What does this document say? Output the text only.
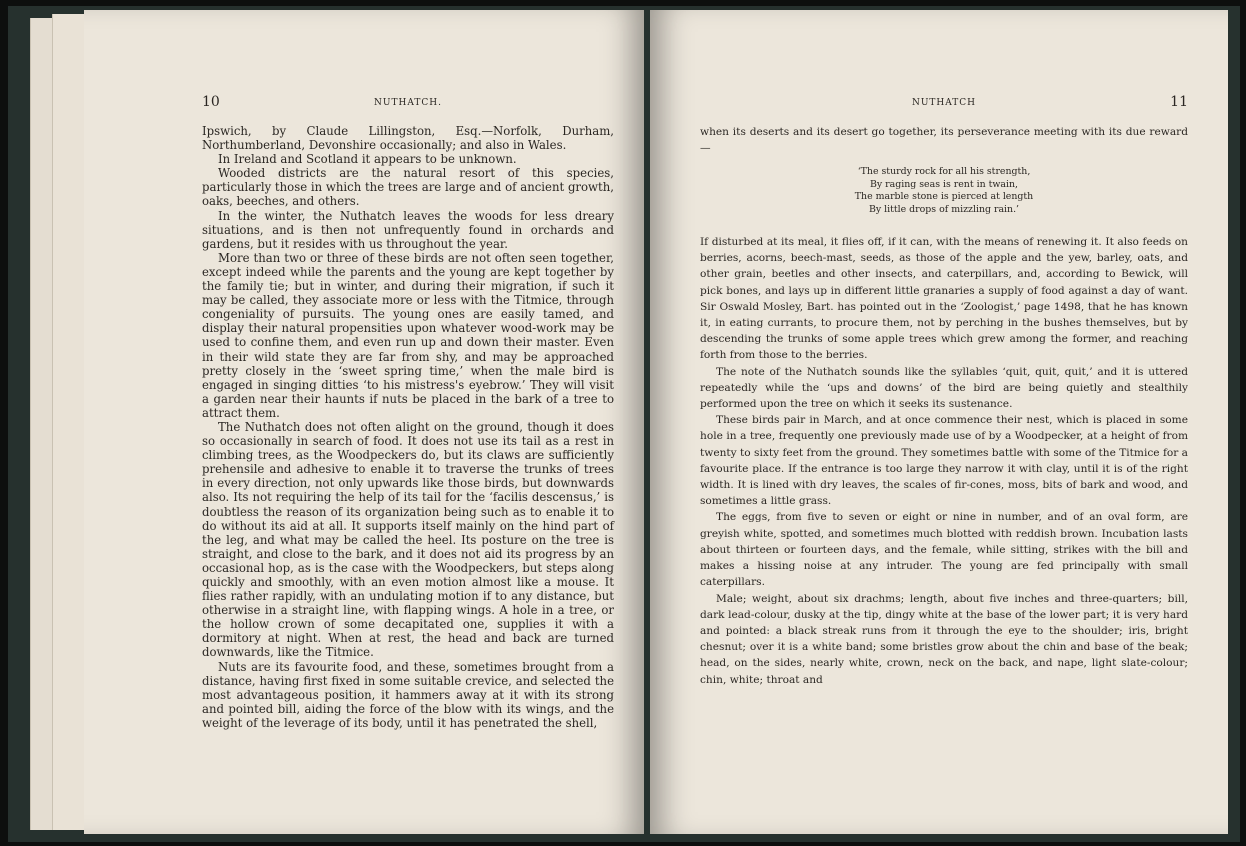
10	NUTHATCH.

Ipswich, by Claude Lillingston, Esq.—Norfolk, Durham, Northumberland, Devonshire occasionally; and also in Wales.

In Ireland and Scotland it appears to be unknown.

Wooded districts are the natural resort of this species, particularly those in which the trees are large and of ancient growth, oaks, beeches, and others.

In the winter, the Nuthatch leaves the woods for less dreary situations, and is then not unfrequently found in orchards and gardens, but it resides with us throughout the year.

More than two or three of these birds are not often seen together, except indeed while the parents and the young are kept together by the family tie; but in winter, and during their migration, if such it may be called, they associate more or less with the Titmice, through congeniality of pursuits. The young ones are easily tamed, and display their natural propensities upon whatever wood-work may be used to confine them, and even run up and down their master. Even in their wild state they are far from shy, and may be approached pretty closely in the ‘sweet spring time,’ when the male bird is engaged in singing ditties ‘to his mistress's eyebrow.’ They will visit a garden near their haunts if nuts be placed in the bark of a tree to attract them.

The Nuthatch does not often alight on the ground, though it does so occasionally in search of food. It does not use its tail as a rest in climbing trees, as the Woodpeckers do, but its claws are sufficiently prehensile and adhesive to enable it to traverse the trunks of trees in every direction, not only upwards like those birds, but downwards also. Its not requiring the help of its tail for the ‘facilis descensus,’ is doubtless the reason of its organization being such as to enable it to do without its aid at all. It supports itself mainly on the hind part of the leg, and what may be called the heel. Its posture on the tree is straight, and close to the bark, and it does not aid its progress by an occasional hop, as is the case with the Woodpeckers, but steps along quickly and smoothly, with an even motion almost like a mouse. It flies rather rapidly, with an undulating motion if to any distance, but otherwise in a straight line, with flapping wings. A hole in a tree, or the hollow crown of some decapitated one, supplies it with a dormitory at night. When at rest, the head and back are turned downwards, like the Titmice.

Nuts are its favourite food, and these, sometimes brought from a distance, having first fixed in some suitable crevice, and selected the most advantageous position, it hammers away at it with its strong and pointed bill, aiding the force of the blow with its wings, and the weight of the leverage of its body, until it has penetrated the shell,

NUTHATCH	11

when its deserts and its desert go together, its perseverance meeting with its due reward—

‘The sturdy rock for all his strength,
By raging seas is rent in twain,
The marble stone is pierced at length
By little drops of mizzling rain.’

If disturbed at its meal, it flies off, if it can, with the means of renewing it. It also feeds on berries, acorns, beech-mast, seeds, as those of the apple and the yew, barley, oats, and other grain, beetles and other insects, and caterpillars, and, according to Bewick, will pick bones, and lays up in different little granaries a supply of food against a day of want. Sir Oswald Mosley, Bart. has pointed out in the ‘Zoologist,’ page 1498, that he has known it, in eating currants, to procure them, not by perching in the bushes themselves, but by descending the trunks of some apple trees which grew among the former, and reaching forth from those to the berries.

The note of the Nuthatch sounds like the syllables ‘quit, quit, quit,’ and it is uttered repeatedly while the ‘ups and downs’ of the bird are being quietly and stealthily performed upon the tree on which it seeks its sustenance.

These birds pair in March, and at once commence their nest, which is placed in some hole in a tree, frequently one previously made use of by a Woodpecker, at a height of from twenty to sixty feet from the ground. They sometimes battle with some of the Titmice for a favourite place. If the entrance is too large they narrow it with clay, until it is of the right width. It is lined with dry leaves, the scales of fir-cones, moss, bits of bark and wood, and sometimes a little grass.

The eggs, from five to seven or eight or nine in number, and of an oval form, are greyish white, spotted, and sometimes much blotted with reddish brown. Incubation lasts about thirteen or fourteen days, and the female, while sitting, strikes with the bill and makes a hissing noise at any intruder. The young are fed principally with small caterpillars.

Male; weight, about six drachms; length, about five inches and three-quarters; bill, dark lead-colour, dusky at the tip, dingy white at the base of the lower part; it is very hard and pointed: a black streak runs from it through the eye to the shoulder; iris, bright chesnut; over it is a white band; some bristles grow about the chin and base of the beak; head, on the sides, nearly white, crown, neck on the back, and nape, light slate-colour; chin, white; throat and
